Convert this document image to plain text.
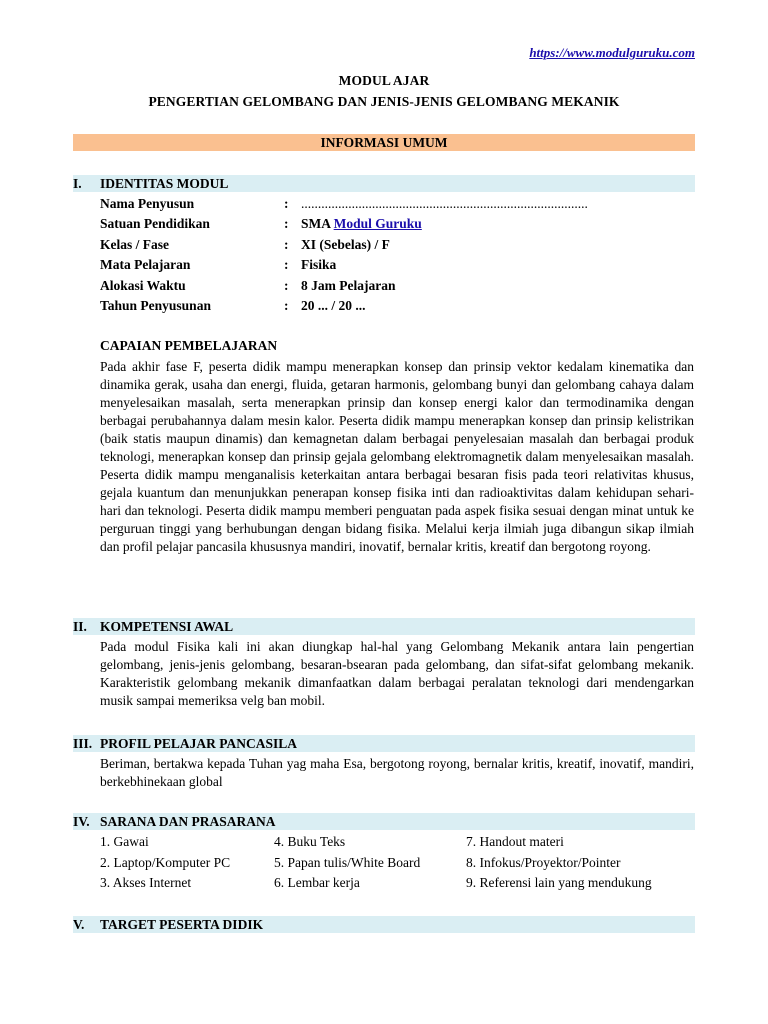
https://www.modulguruku.com
MODUL AJAR
PENGERTIAN GELOMBANG DAN JENIS-JENIS GELOMBANG MEKANIK
INFORMASI UMUM
I. IDENTITAS MODUL
Nama Penyusun	: .....................................................................................
Satuan Pendidikan	: SMA Modul Guruku
Kelas / Fase	: XI (Sebelas) / F
Mata Pelajaran	: Fisika
Alokasi Waktu	: 8 Jam Pelajaran
Tahun Penyusunan	: 20 ... / 20 ...
CAPAIAN PEMBELAJARAN
Pada akhir fase F, peserta didik mampu menerapkan konsep dan prinsip vektor kedalam kinematika dan dinamika gerak, usaha dan energi, fluida, getaran harmonis, gelombang bunyi dan gelombang cahaya dalam menyelesaikan masalah, serta menerapkan prinsip dan konsep energi kalor dan termodinamika dengan berbagai perubahannya dalam mesin kalor. Peserta didik mampu menerapkan konsep dan prinsip kelistrikan (baik statis maupun dinamis) dan kemagnetan dalam berbagai penyelesaian masalah dan berbagai produk teknologi, menerapkan konsep dan prinsip gejala gelombang elektromagnetik dalam menyelesaikan masalah. Peserta didik mampu menganalisis keterkaitan antara berbagai besaran fisis pada teori relativitas khusus, gejala kuantum dan menunjukkan penerapan konsep fisika inti dan radioaktivitas dalam kehidupan sehari-hari dan teknologi. Peserta didik mampu memberi penguatan pada aspek fisika sesuai dengan minat untuk ke perguruan tinggi yang berhubungan dengan bidang fisika. Melalui kerja ilmiah juga dibangun sikap ilmiah dan profil pelajar pancasila khususnya mandiri, inovatif, bernalar kritis, kreatif dan bergotong royong.
II. KOMPETENSI AWAL
Pada modul Fisika kali ini akan diungkap hal-hal yang Gelombang Mekanik antara lain pengertian gelombang, jenis-jenis gelombang, besaran-bsearan pada gelombang, dan sifat-sifat gelombang mekanik. Karakteristik gelombang mekanik dimanfaatkan dalam berbagai peralatan teknologi dari mendengarkan musik sampai memeriksa velg ban mobil.
III. PROFIL PELAJAR PANCASILA
Beriman, bertakwa kepada Tuhan yag maha Esa, bergotong royong, bernalar kritis, kreatif, inovatif, mandiri, berkebhinekaan global
IV. SARANA DAN PRASARANA
1. Gawai	4. Buku Teks	7. Handout materi
2. Laptop/Komputer PC	5. Papan tulis/White Board	8. Infokus/Proyektor/Pointer
3. Akses Internet	6. Lembar kerja	9. Referensi lain yang mendukung
V. TARGET PESERTA DIDIK
